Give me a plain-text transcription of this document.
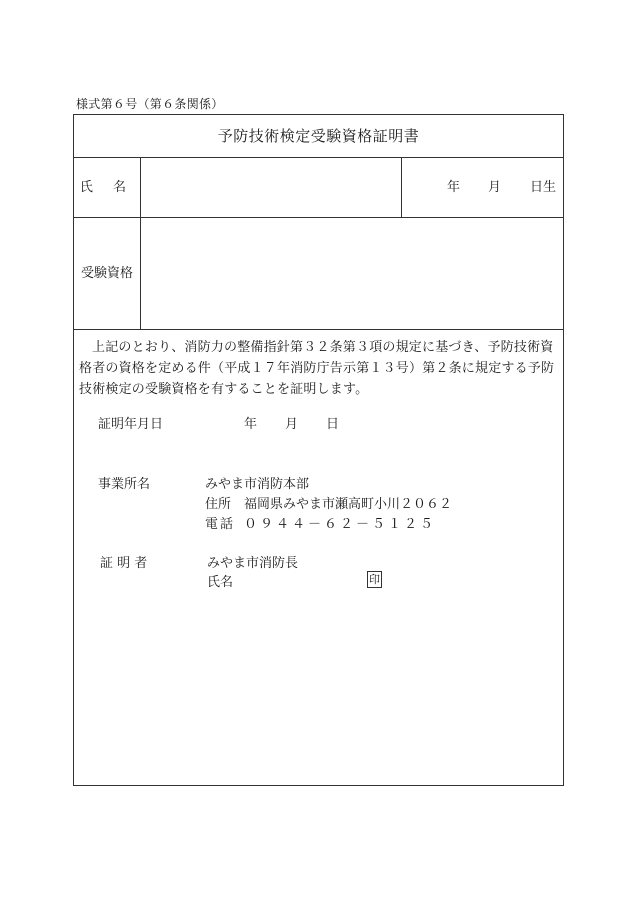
様式第６号（第６条関係）
予防技術検定受験資格証明書
氏 名	年 月 日生
受験資格
上記のとおり、消防力の整備指針第３２条第３項の規定に基づき、予防技術資格者の資格を定める件（平成１７年消防庁告示第１３号）第２条に規定する予防技術検定の受験資格を有することを証明します。
証明年月日	年 月 日
事業所名	みやま市消防本部
住所 福岡県みやま市瀬高町小川２０６２
電話 ０９４４－６２－５１２５
証 明 者	みやま市消防長
氏名	印
